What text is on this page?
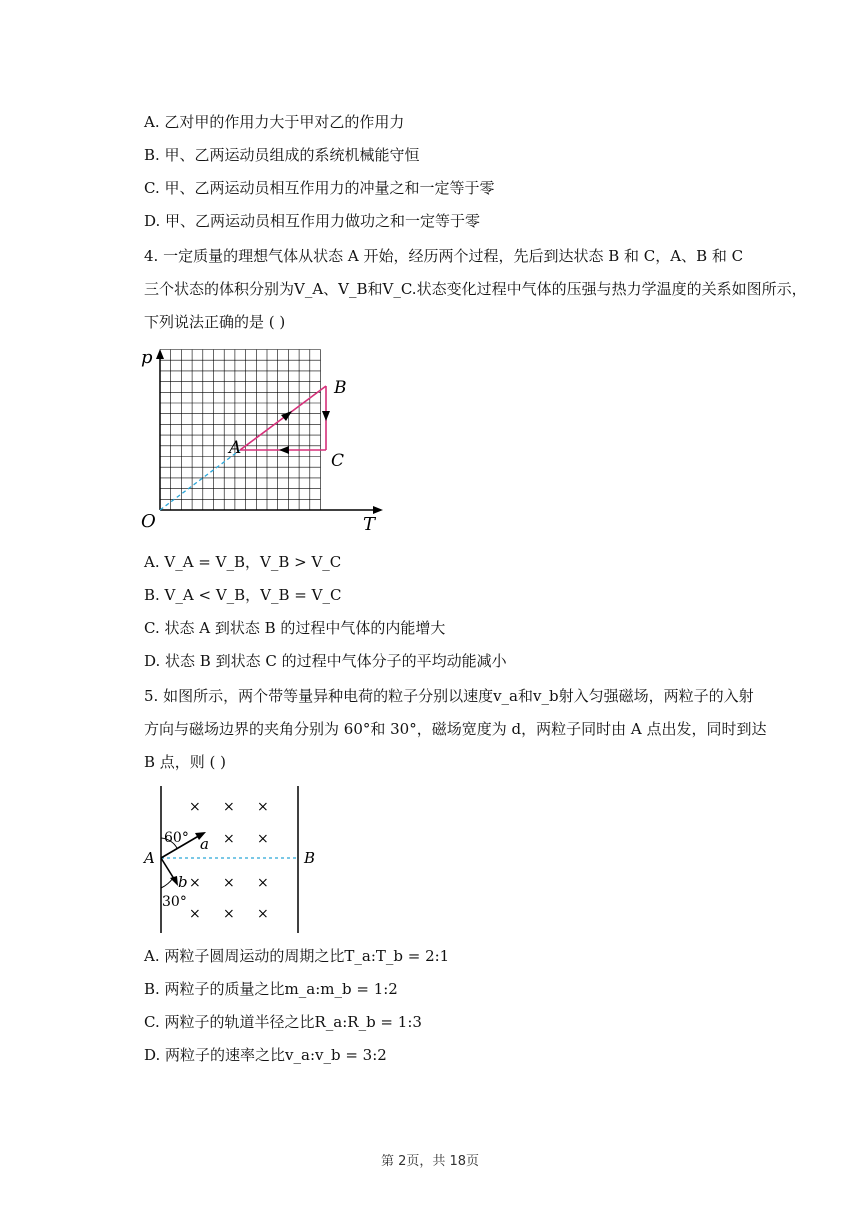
A. 乙对甲的作用力大于甲对乙的作用力
B. 甲、乙两运动员组成的系统机械能守恒
C. 甲、乙两运动员相互作用力的冲量之和一定等于零
D. 甲、乙两运动员相互作用力做功之和一定等于零
4. 一定质量的理想气体从状态 A 开始，经历两个过程，先后到达状态 B 和 C，A、B 和 C
三个状态的体积分别为V_A、V_B和V_C.状态变化过程中气体的压强与热力学温度的关系如图所示，
下列说法正确的是 ( )
p
T
O
A
B
C
A. V_A = V_B，V_B > V_C
B. V_A < V_B，V_B = V_C
C. 状态 A 到状态 B 的过程中气体的内能增大
D. 状态 B 到状态 C 的过程中气体分子的平均动能减小
5. 如图所示，两个带等量异种电荷的粒子分别以速度v_a和v_b射入匀强磁场，两粒子的入射
方向与磁场边界的夹角分别为 60°和 30°，磁场宽度为 d，两粒子同时由 A 点出发，同时到达
B 点，则 ( )
× × ×
× ×
× × ×
× × ×
60°
30°
a
b
A	B
A. 两粒子圆周运动的周期之比T_a:T_b = 2:1
B. 两粒子的质量之比m_a:m_b = 1:2
C. 两粒子的轨道半径之比R_a:R_b = 1:3
D. 两粒子的速率之比v_a:v_b = 3:2
第 2页，共 18页
